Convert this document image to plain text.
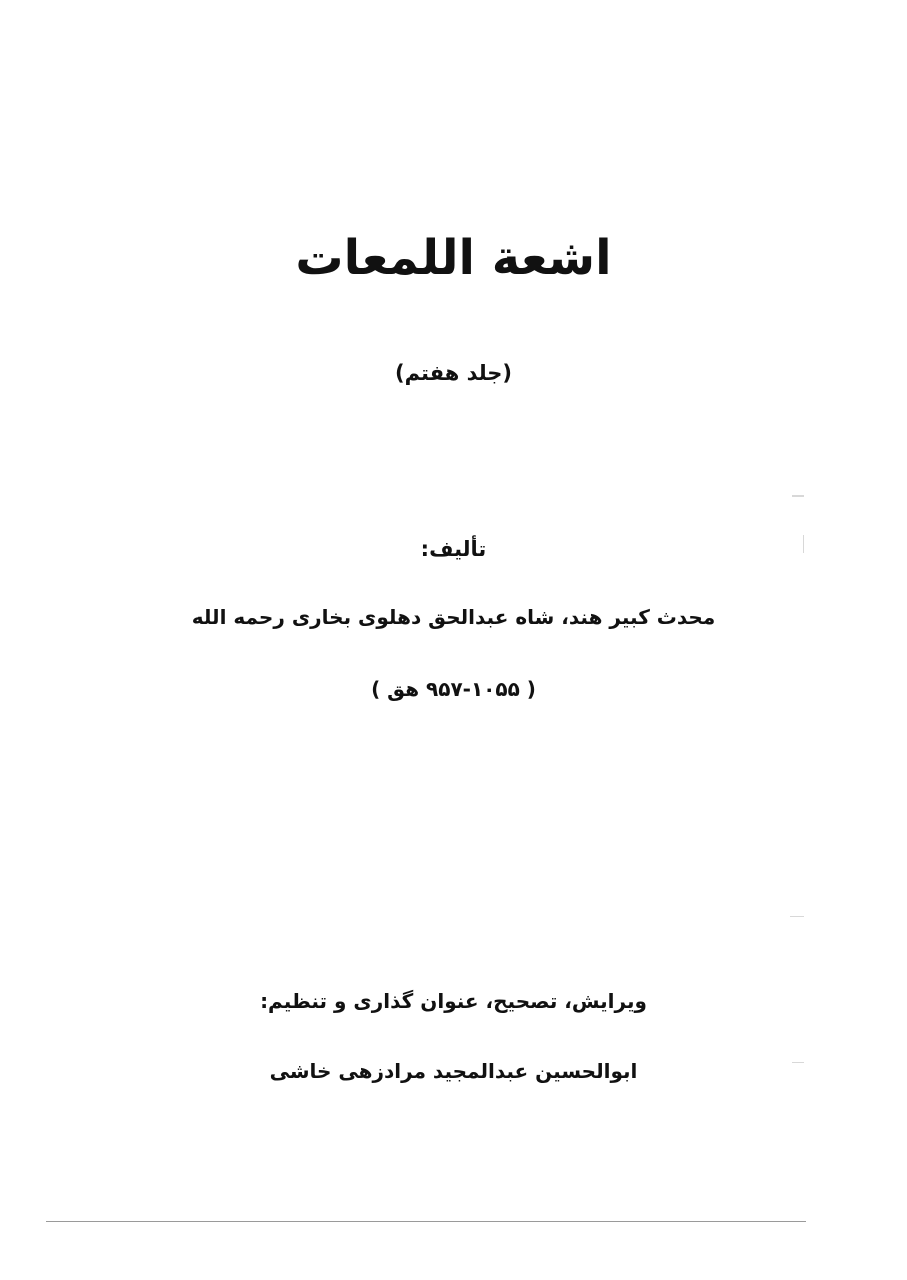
اشعة اللمعات
(جلد هفتم)
تألیف:
محدث کبیر هند، شاه عبدالحق دهلوی بخاری رحمه الله
( ۹۵۷-۱۰۵۵ هق )
ویرایش، تصحیح، عنوان گذاری و تنظیم:
ابوالحسین عبدالمجید مرادزهی خاشی
